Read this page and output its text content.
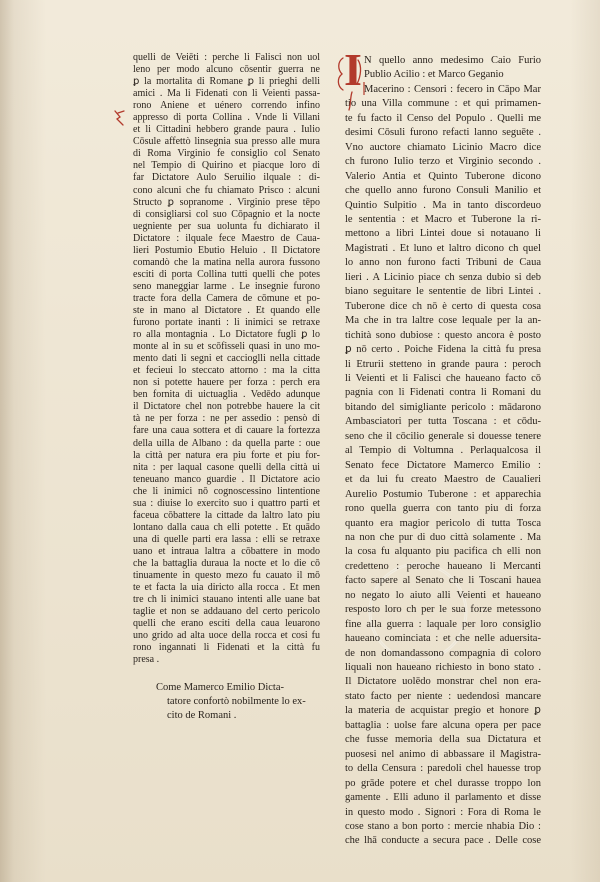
quelli de Veiēti : perche li Falisci non uol
leno per modo alcuno cōsentir guerra ne
ꝑ la mortalita di Romane ꝑ li prieghi delli
amici . Ma li Fidenati con li Veienti passa-
rono Aniene et uénero correndo infino
appresso di porta Collina . Vnde li Villani
et li Cittadini hebbero grande paura . Iulio
Cōsule affettò linsegnia sua presso alle mura
di Roma Virginio fe consiglio col Senato
nel Tempio di Quirino et piacque loro di
far Dictatore Aulo Seruilio ilquale : di-
cono alcuni che fu chiamato Prisco : alcuni
Structo ꝑ sopranome . Virginio prese tēpo
di consigliarsi col suo Cōpagnio et la nocte
uegniente per sua uolunta fu dichiarato il
Dictatore : ilquale fece Maestro de Caua-
lieri Postumio Ebutio Heluio . Il Dictatore
comandò che la matina nella aurora fussono
esciti di porta Collina tutti quelli che potes
seno maneggiar larme . Le insegnie furono
tracte fora della Camera de cōmune et po-
ste in mano al Dictatore . Et quando elle
furono portate inanti : li inimici se retraxe
ro alla montagnia . Lo Dictatore fugli ꝑ lo
monte al in su et scōfisseli quasi in uno mo-
mento dati li segni et caccioglli nella cittade
et fecieui lo steccato attorno : ma la citta
non si potette hauere per forza : perch era
ben fornita di uictuaglia . Vedēdo adunque
il Dictatore chel non potrebbe hauere la cit
tà ne per forza : ne per assedio : pensò di
fare una caua sottera et di cauare la fortezza
della uilla de Albano : da quella parte : oue
la città per natura era piu forte et piu for-
nita : per laqual casone quelli della città ui
teneuano manco guardie . Il Dictatore acio
che li inimici nō cognoscessino lintentione
sua : diuise lo exercito suo i quattro parti et
faceua cōbattere la cittade da laltro lato piu
lontano dalla caua ch elli potette . Et quādo
una di quelle parti era lassa : elli se retraxe
uano et intraua laltra a cōbattere in modo
che la battaglia duraua la nocte et lo die cō
tinuamente in questo mezo fu cauato il mō
te et facta la uia diricto alla rocca . Et men
tre ch li inimici stauano intenti alle uane bat
taglie et non se addauano del certo pericolo
quelli che erano esciti della caua leuarono
uno grido ad alta uoce della rocca et cosi fu
rono ingannati li Fidenati et la città fu
presa .
Come Mamerco Emilio Dicta-
tatore confortò nobilmente lo ex-
cito de Romani .
I N quello anno medesimo Caio Furio
Publio Acilio : et Marco Geganio
Macerino : Censori : fecero in Cāpo Mar
tio una Villa commune : et qui primamen-
te fu facto il Censo del Populo . Quelli me
desimi Cōsuli furono refacti lanno seguēte .
Vno auctore chiamato Licinio Macro dice
ch furono Iulio terzo et Virginio secondo .
Valerio Antia et Quinto Tuberone dicono
che quello anno furono Consuli Manilio et
Quintio Sulpitio . Ma in tanto discordeuo
le sententia : et Macro et Tuberone la ri-
mettono a libri Lintei doue si notauano li
Magistrati . Et luno et laltro dicono ch quel
lo anno non furono facti Tribuni de Caua
lieri . A Licinio piace ch senza dubio si deb
biano seguitare le sententie de libri Lintei .
Tuberone dice ch nō è certo di questa cosa
Ma che in tra laltre cose lequale per la an-
tichità sono dubiose : questo ancora è posto
ꝑ nō certo . Poiche Fidena la città fu presa
li Etrurii stetteno in grande paura : peroch
li Veienti et li Falisci che haueano facto cō
pagnia con li Fidenati contra li Romani du
bitando del simigliante pericolo : mādarono
Ambasciatori per tutta Toscana : et cōdu-
seno che il cōcilio generale si douesse tenere
al Tempio di Voltumna . Perlaqualcosa il
Senato fece Dictatore Mamerco Emilio :
et da lui fu creato Maestro de Caualieri
Aurelio Postumio Tuberone : et apparechia
rono quella guerra con tanto piu di forza
quanto era magior pericolo di tutta Tosca
na non che pur di duo città solamente . Ma
la cosa fu alquanto piu pacifica ch elli non
credetteno : peroche haueano li Mercanti
facto sapere al Senato che li Toscani hauea
no negato lo aiuto alli Veienti et haueano
resposto loro ch per le sua forze metessono
fine alla guerra : laquale per loro consiglio
haueano cominciata : et che nelle aduersita-
de non domandassono compagnia di coloro
liquali non haueano richiesto in bono stato .
Il Dictatore uolēdo monstrar chel non era-
stato facto per niente : uedendosi mancare
la materia de acquistar pregio et honore ꝑ
battaglia : uolse fare alcuna opera per pace
che fusse memoria della sua Dictatura et
puosesi nel animo di abbassare il Magistra-
to della Censura : paredoli chel hauesse trop
po grāde potere et chel durasse troppo lon
gamente . Elli aduno il parlamento et disse
in questo modo . Signori : Fora di Roma le
cose stano a bon porto : mercie nhabia Dio :
che lhā conducte a secura pace . Delle cose
